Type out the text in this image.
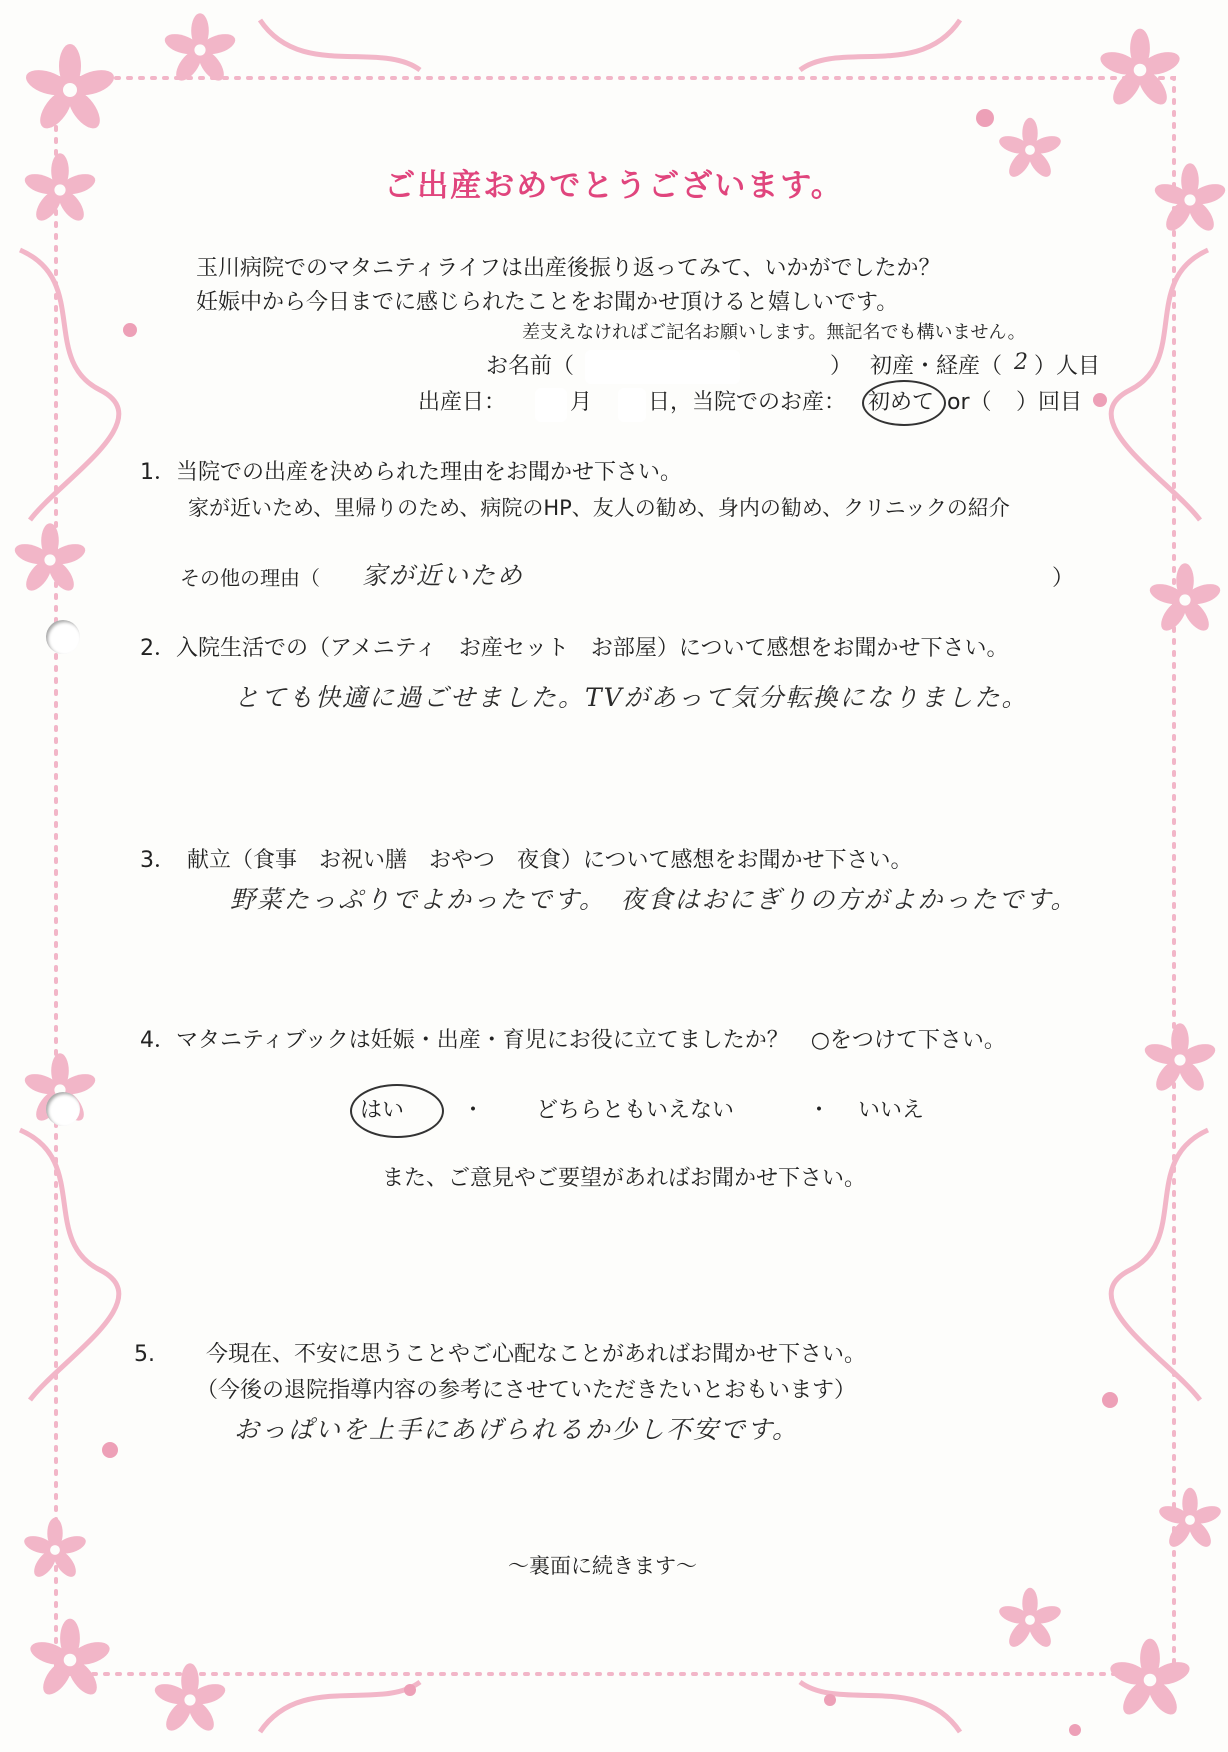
ご出産おめでとうございます。
玉川病院でのマタニティライフは出産後振り返ってみて、いかがでしたか？
妊娠中から今日までに感じられたことをお聞かせ頂けると嬉しいです。
差支えなければご記名お願いします。無記名でも構いません。
お名前（	） 初産・経産（ 2 ）人目
出産日：	月	日，当院でのお産： 初めて or（ ）回目
1．当院での出産を決められた理由をお聞かせ下さい。
家が近いため、里帰りのため、病院のHP、友人の勧め、身内の勧め、クリニックの紹介
その他の理由（ 家が近いため	）
2．入院生活での（アメニティ　お産セット　お部屋）について感想をお聞かせ下さい。
とても快適に過ごせました。TVがあって気分転換になりました。
3．　献立（食事　お祝い膳　おやつ　夜食）について感想をお聞かせ下さい。
野菜たっぷりでよかったです。　夜食はおにぎりの方がよかったです。
4．マタニティブックは妊娠・出産・育児にお役に立てましたか？　○をつけて下さい。
はい	・ どちらともいえない	・ いいえ
また、ご意見やご要望があればお聞かせ下さい。
5. 今現在、不安に思うことやご心配なことがあればお聞かせ下さい。
（今後の退院指導内容の参考にさせていただきたいとおもいます）
おっぱいを上手にあげられるか少し不安です。
～裏面に続きます～
